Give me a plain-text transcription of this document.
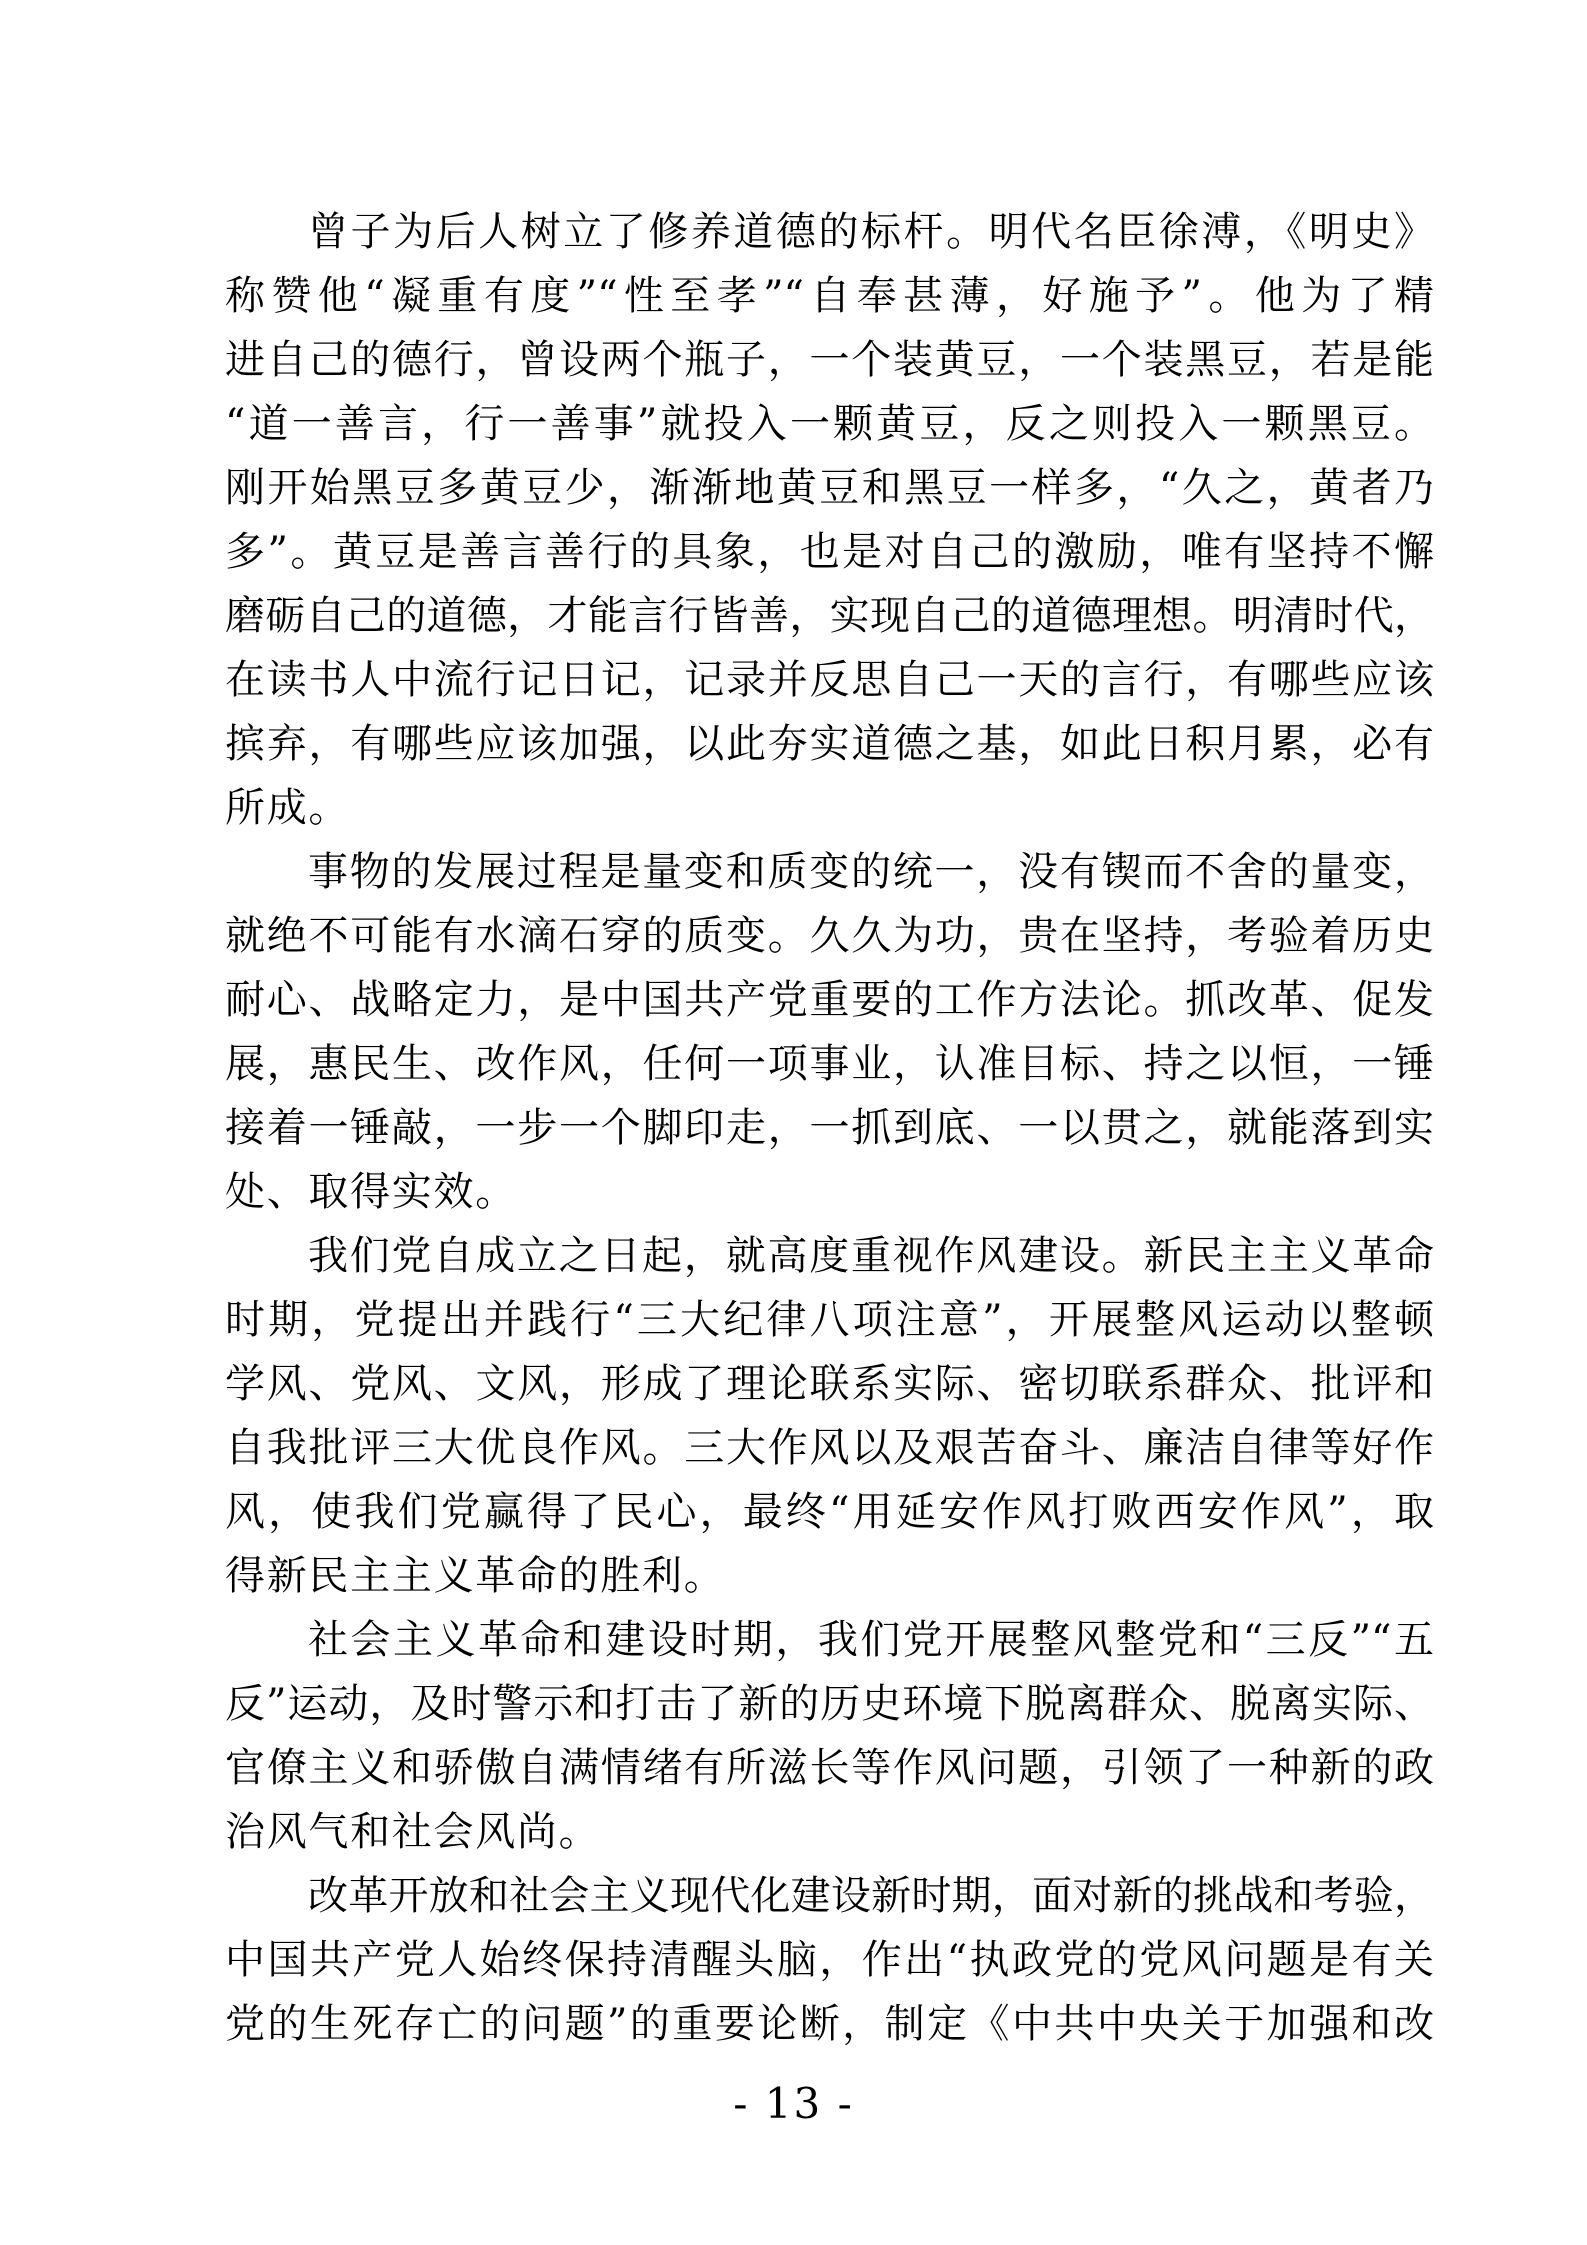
曾子为后人树立了修养道德的标杆。明代名臣徐溥，《明史》
称赞他“凝重有度”“性至孝”“自奉甚薄，好施予”。他为了精
进自己的德行，曾设两个瓶子，一个装黄豆，一个装黑豆，若是能
“道一善言，行一善事”就投入一颗黄豆，反之则投入一颗黑豆。
刚开始黑豆多黄豆少，渐渐地黄豆和黑豆一样多，“久之，黄者乃
多”。黄豆是善言善行的具象，也是对自己的激励，唯有坚持不懈
磨砺自己的道德，才能言行皆善，实现自己的道德理想。明清时代，
在读书人中流行记日记，记录并反思自己一天的言行，有哪些应该
摈弃，有哪些应该加强，以此夯实道德之基，如此日积月累，必有
所成。
事物的发展过程是量变和质变的统一，没有锲而不舍的量变，
就绝不可能有水滴石穿的质变。久久为功，贵在坚持，考验着历史
耐心、战略定力，是中国共产党重要的工作方法论。抓改革、促发
展，惠民生、改作风，任何一项事业，认准目标、持之以恒，一锤
接着一锤敲，一步一个脚印走，一抓到底、一以贯之，就能落到实
处、取得实效。
我们党自成立之日起，就高度重视作风建设。新民主主义革命
时期，党提出并践行“三大纪律八项注意”，开展整风运动以整顿
学风、党风、文风，形成了理论联系实际、密切联系群众、批评和
自我批评三大优良作风。三大作风以及艰苦奋斗、廉洁自律等好作
风，使我们党赢得了民心，最终“用延安作风打败西安作风”，取
得新民主主义革命的胜利。
社会主义革命和建设时期，我们党开展整风整党和“三反”“五
反”运动，及时警示和打击了新的历史环境下脱离群众、脱离实际、
官僚主义和骄傲自满情绪有所滋长等作风问题，引领了一种新的政
治风气和社会风尚。
改革开放和社会主义现代化建设新时期，面对新的挑战和考验，
中国共产党人始终保持清醒头脑，作出“执政党的党风问题是有关
党的生死存亡的问题”的重要论断，制定《中共中央关于加强和改
- 13 -
